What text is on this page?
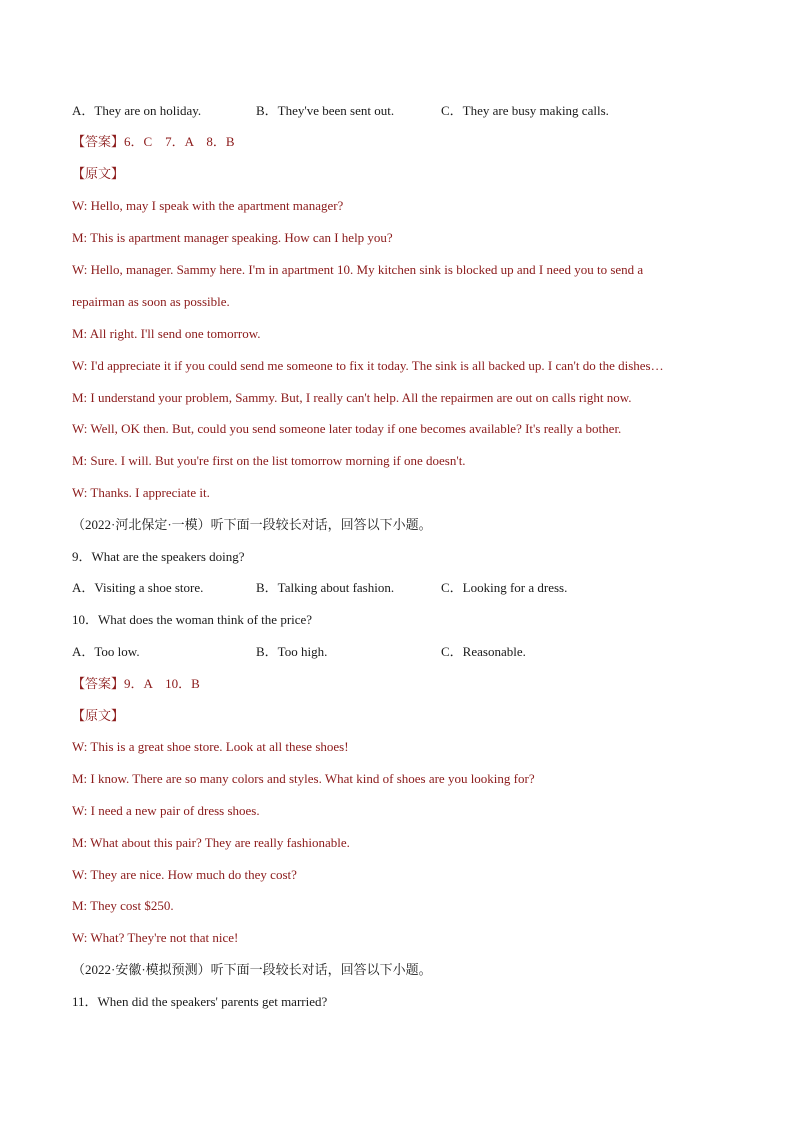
A．They are on holiday.	B．They've been sent out.	C．They are busy making calls.
【答案】6．C　7．A　8．B
【原文】
W: Hello, may I speak with the apartment manager?
M: This is apartment manager speaking. How can I help you?
W: Hello, manager. Sammy here. I'm in apartment 10. My kitchen sink is blocked up and I need you to send a
repairman as soon as possible.
M: All right. I'll send one tomorrow.
W: I'd appreciate it if you could send me someone to fix it today. The sink is all backed up. I can't do the dishes…
M: I understand your problem, Sammy. But, I really can't help. All the repairmen are out on calls right now.
W: Well, OK then. But, could you send someone later today if one becomes available? It's really a bother.
M: Sure. I will. But you're first on the list tomorrow morning if one doesn't.
W: Thanks. I appreciate it.
（2022·河北保定·一模）听下面一段较长对话，回答以下小题。
9．What are the speakers doing?
A．Visiting a shoe store.	B．Talking about fashion.	C．Looking for a dress.
10．What does the woman think of the price?
A．Too low.	B．Too high.	C．Reasonable.
【答案】9．A　10．B
【原文】
W: This is a great shoe store. Look at all these shoes!
M: I know. There are so many colors and styles. What kind of shoes are you looking for?
W: I need a new pair of dress shoes.
M: What about this pair? They are really fashionable.
W: They are nice. How much do they cost?
M: They cost $250.
W: What? They're not that nice!
（2022·安徽·模拟预测）听下面一段较长对话，回答以下小题。
11．When did the speakers' parents get married?
